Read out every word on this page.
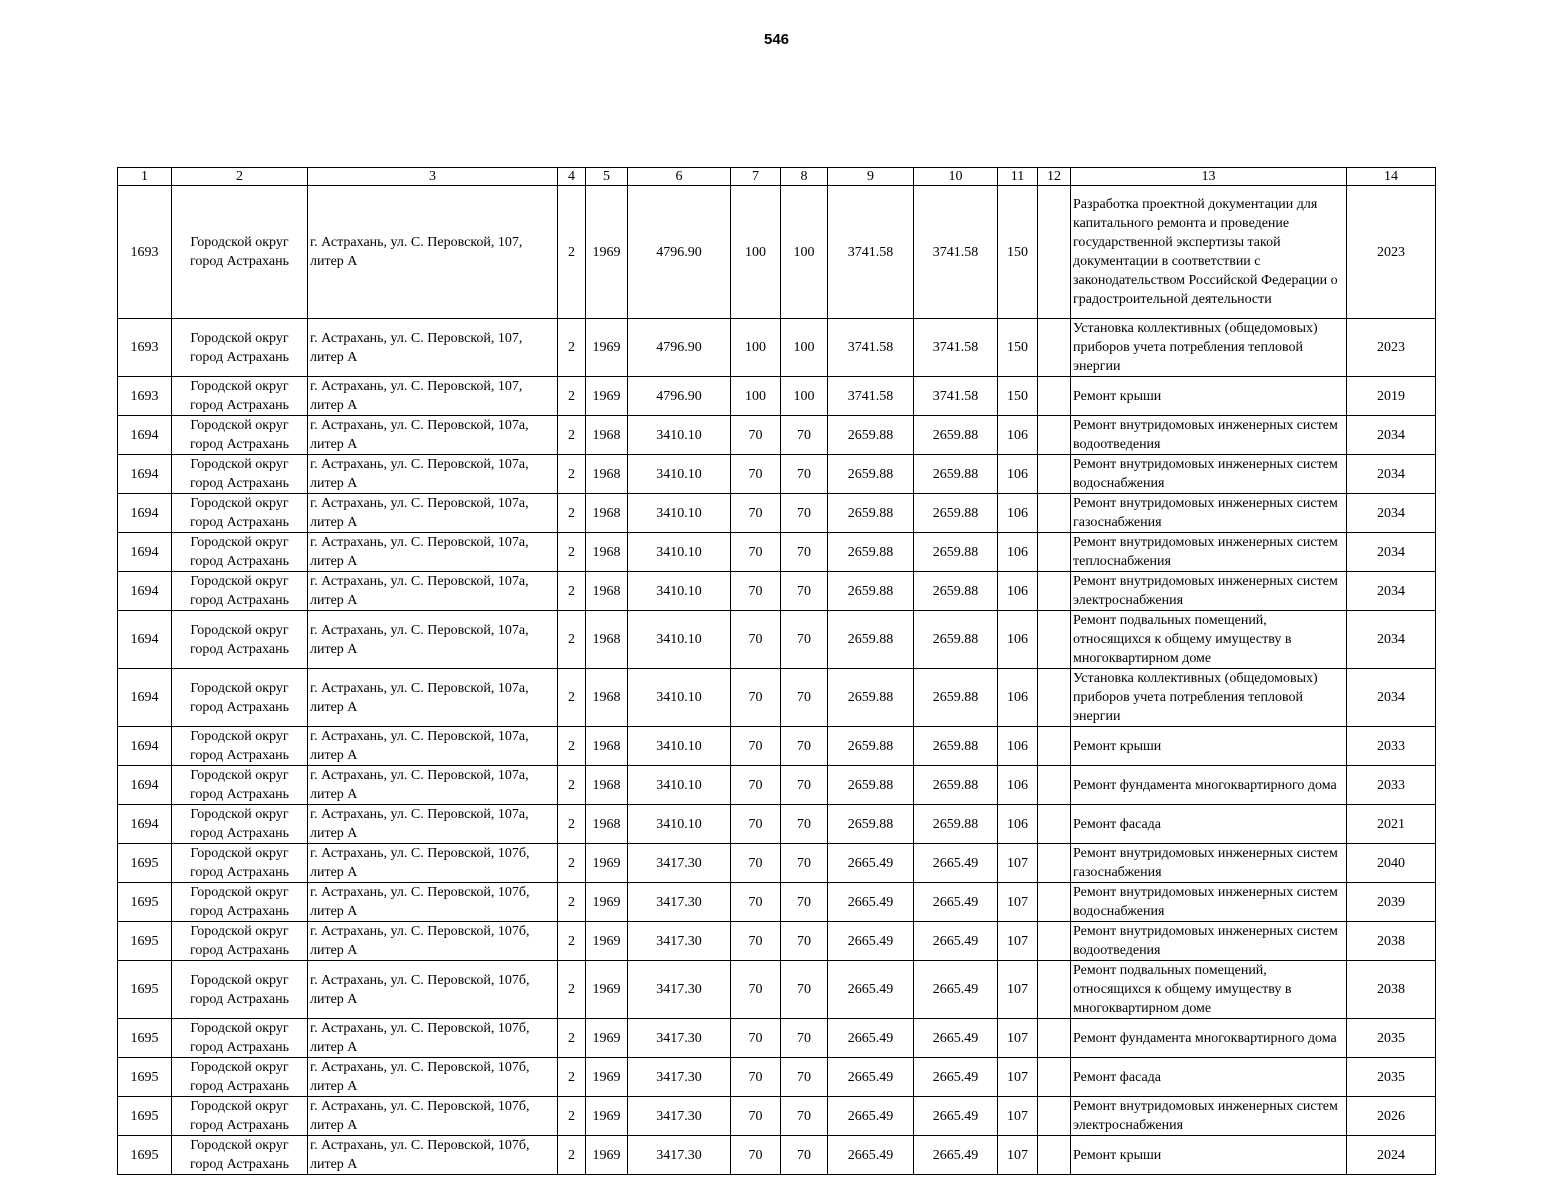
546
1	2	3	4	5	6	7	8	9	10	11	12	13	14
1693	Городской округ город Астрахань	г. Астрахань, ул. С. Перовской, 107, литер А	2	1969	4796.90	100	100	3741.58	3741.58	150		Разработка проектной документации для капитального ремонта и проведение государственной экспертизы такой документации в соответствии с законодательством Российской Федерации о градостроительной деятельности	2023
1693	Городской округ город Астрахань	г. Астрахань, ул. С. Перовской, 107, литер А	2	1969	4796.90	100	100	3741.58	3741.58	150		Установка коллективных (общедомовых) приборов учета потребления тепловой энергии	2023
1693	Городской округ город Астрахань	г. Астрахань, ул. С. Перовской, 107, литер А	2	1969	4796.90	100	100	3741.58	3741.58	150		Ремонт крыши	2019
1694	Городской округ город Астрахань	г. Астрахань, ул. С. Перовской, 107а, литер А	2	1968	3410.10	70	70	2659.88	2659.88	106		Ремонт внутридомовых инженерных систем водоотведения	2034
1694	Городской округ город Астрахань	г. Астрахань, ул. С. Перовской, 107а, литер А	2	1968	3410.10	70	70	2659.88	2659.88	106		Ремонт внутридомовых инженерных систем водоснабжения	2034
1694	Городской округ город Астрахань	г. Астрахань, ул. С. Перовской, 107а, литер А	2	1968	3410.10	70	70	2659.88	2659.88	106		Ремонт внутридомовых инженерных систем газоснабжения	2034
1694	Городской округ город Астрахань	г. Астрахань, ул. С. Перовской, 107а, литер А	2	1968	3410.10	70	70	2659.88	2659.88	106		Ремонт внутридомовых инженерных систем теплоснабжения	2034
1694	Городской округ город Астрахань	г. Астрахань, ул. С. Перовской, 107а, литер А	2	1968	3410.10	70	70	2659.88	2659.88	106		Ремонт внутридомовых инженерных систем электроснабжения	2034
1694	Городской округ город Астрахань	г. Астрахань, ул. С. Перовской, 107а, литер А	2	1968	3410.10	70	70	2659.88	2659.88	106		Ремонт подвальных помещений, относящихся к общему имуществу в многоквартирном доме	2034
1694	Городской округ город Астрахань	г. Астрахань, ул. С. Перовской, 107а, литер А	2	1968	3410.10	70	70	2659.88	2659.88	106		Установка коллективных (общедомовых) приборов учета потребления тепловой энергии	2034
1694	Городской округ город Астрахань	г. Астрахань, ул. С. Перовской, 107а, литер А	2	1968	3410.10	70	70	2659.88	2659.88	106		Ремонт крыши	2033
1694	Городской округ город Астрахань	г. Астрахань, ул. С. Перовской, 107а, литер А	2	1968	3410.10	70	70	2659.88	2659.88	106		Ремонт фундамента многоквартирного дома	2033
1694	Городской округ город Астрахань	г. Астрахань, ул. С. Перовской, 107а, литер А	2	1968	3410.10	70	70	2659.88	2659.88	106		Ремонт фасада	2021
1695	Городской округ город Астрахань	г. Астрахань, ул. С. Перовской, 107б, литер А	2	1969	3417.30	70	70	2665.49	2665.49	107		Ремонт внутридомовых инженерных систем газоснабжения	2040
1695	Городской округ город Астрахань	г. Астрахань, ул. С. Перовской, 107б, литер А	2	1969	3417.30	70	70	2665.49	2665.49	107		Ремонт внутридомовых инженерных систем водоснабжения	2039
1695	Городской округ город Астрахань	г. Астрахань, ул. С. Перовской, 107б, литер А	2	1969	3417.30	70	70	2665.49	2665.49	107		Ремонт внутридомовых инженерных систем водоотведения	2038
1695	Городской округ город Астрахань	г. Астрахань, ул. С. Перовской, 107б, литер А	2	1969	3417.30	70	70	2665.49	2665.49	107		Ремонт подвальных помещений, относящихся к общему имуществу в многоквартирном доме	2038
1695	Городской округ город Астрахань	г. Астрахань, ул. С. Перовской, 107б, литер А	2	1969	3417.30	70	70	2665.49	2665.49	107		Ремонт фундамента многоквартирного дома	2035
1695	Городской округ город Астрахань	г. Астрахань, ул. С. Перовской, 107б, литер А	2	1969	3417.30	70	70	2665.49	2665.49	107		Ремонт фасада	2035
1695	Городской округ город Астрахань	г. Астрахань, ул. С. Перовской, 107б, литер А	2	1969	3417.30	70	70	2665.49	2665.49	107		Ремонт внутридомовых инженерных систем электроснабжения	2026
1695	Городской округ город Астрахань	г. Астрахань, ул. С. Перовской, 107б, литер А	2	1969	3417.30	70	70	2665.49	2665.49	107		Ремонт крыши	2024
